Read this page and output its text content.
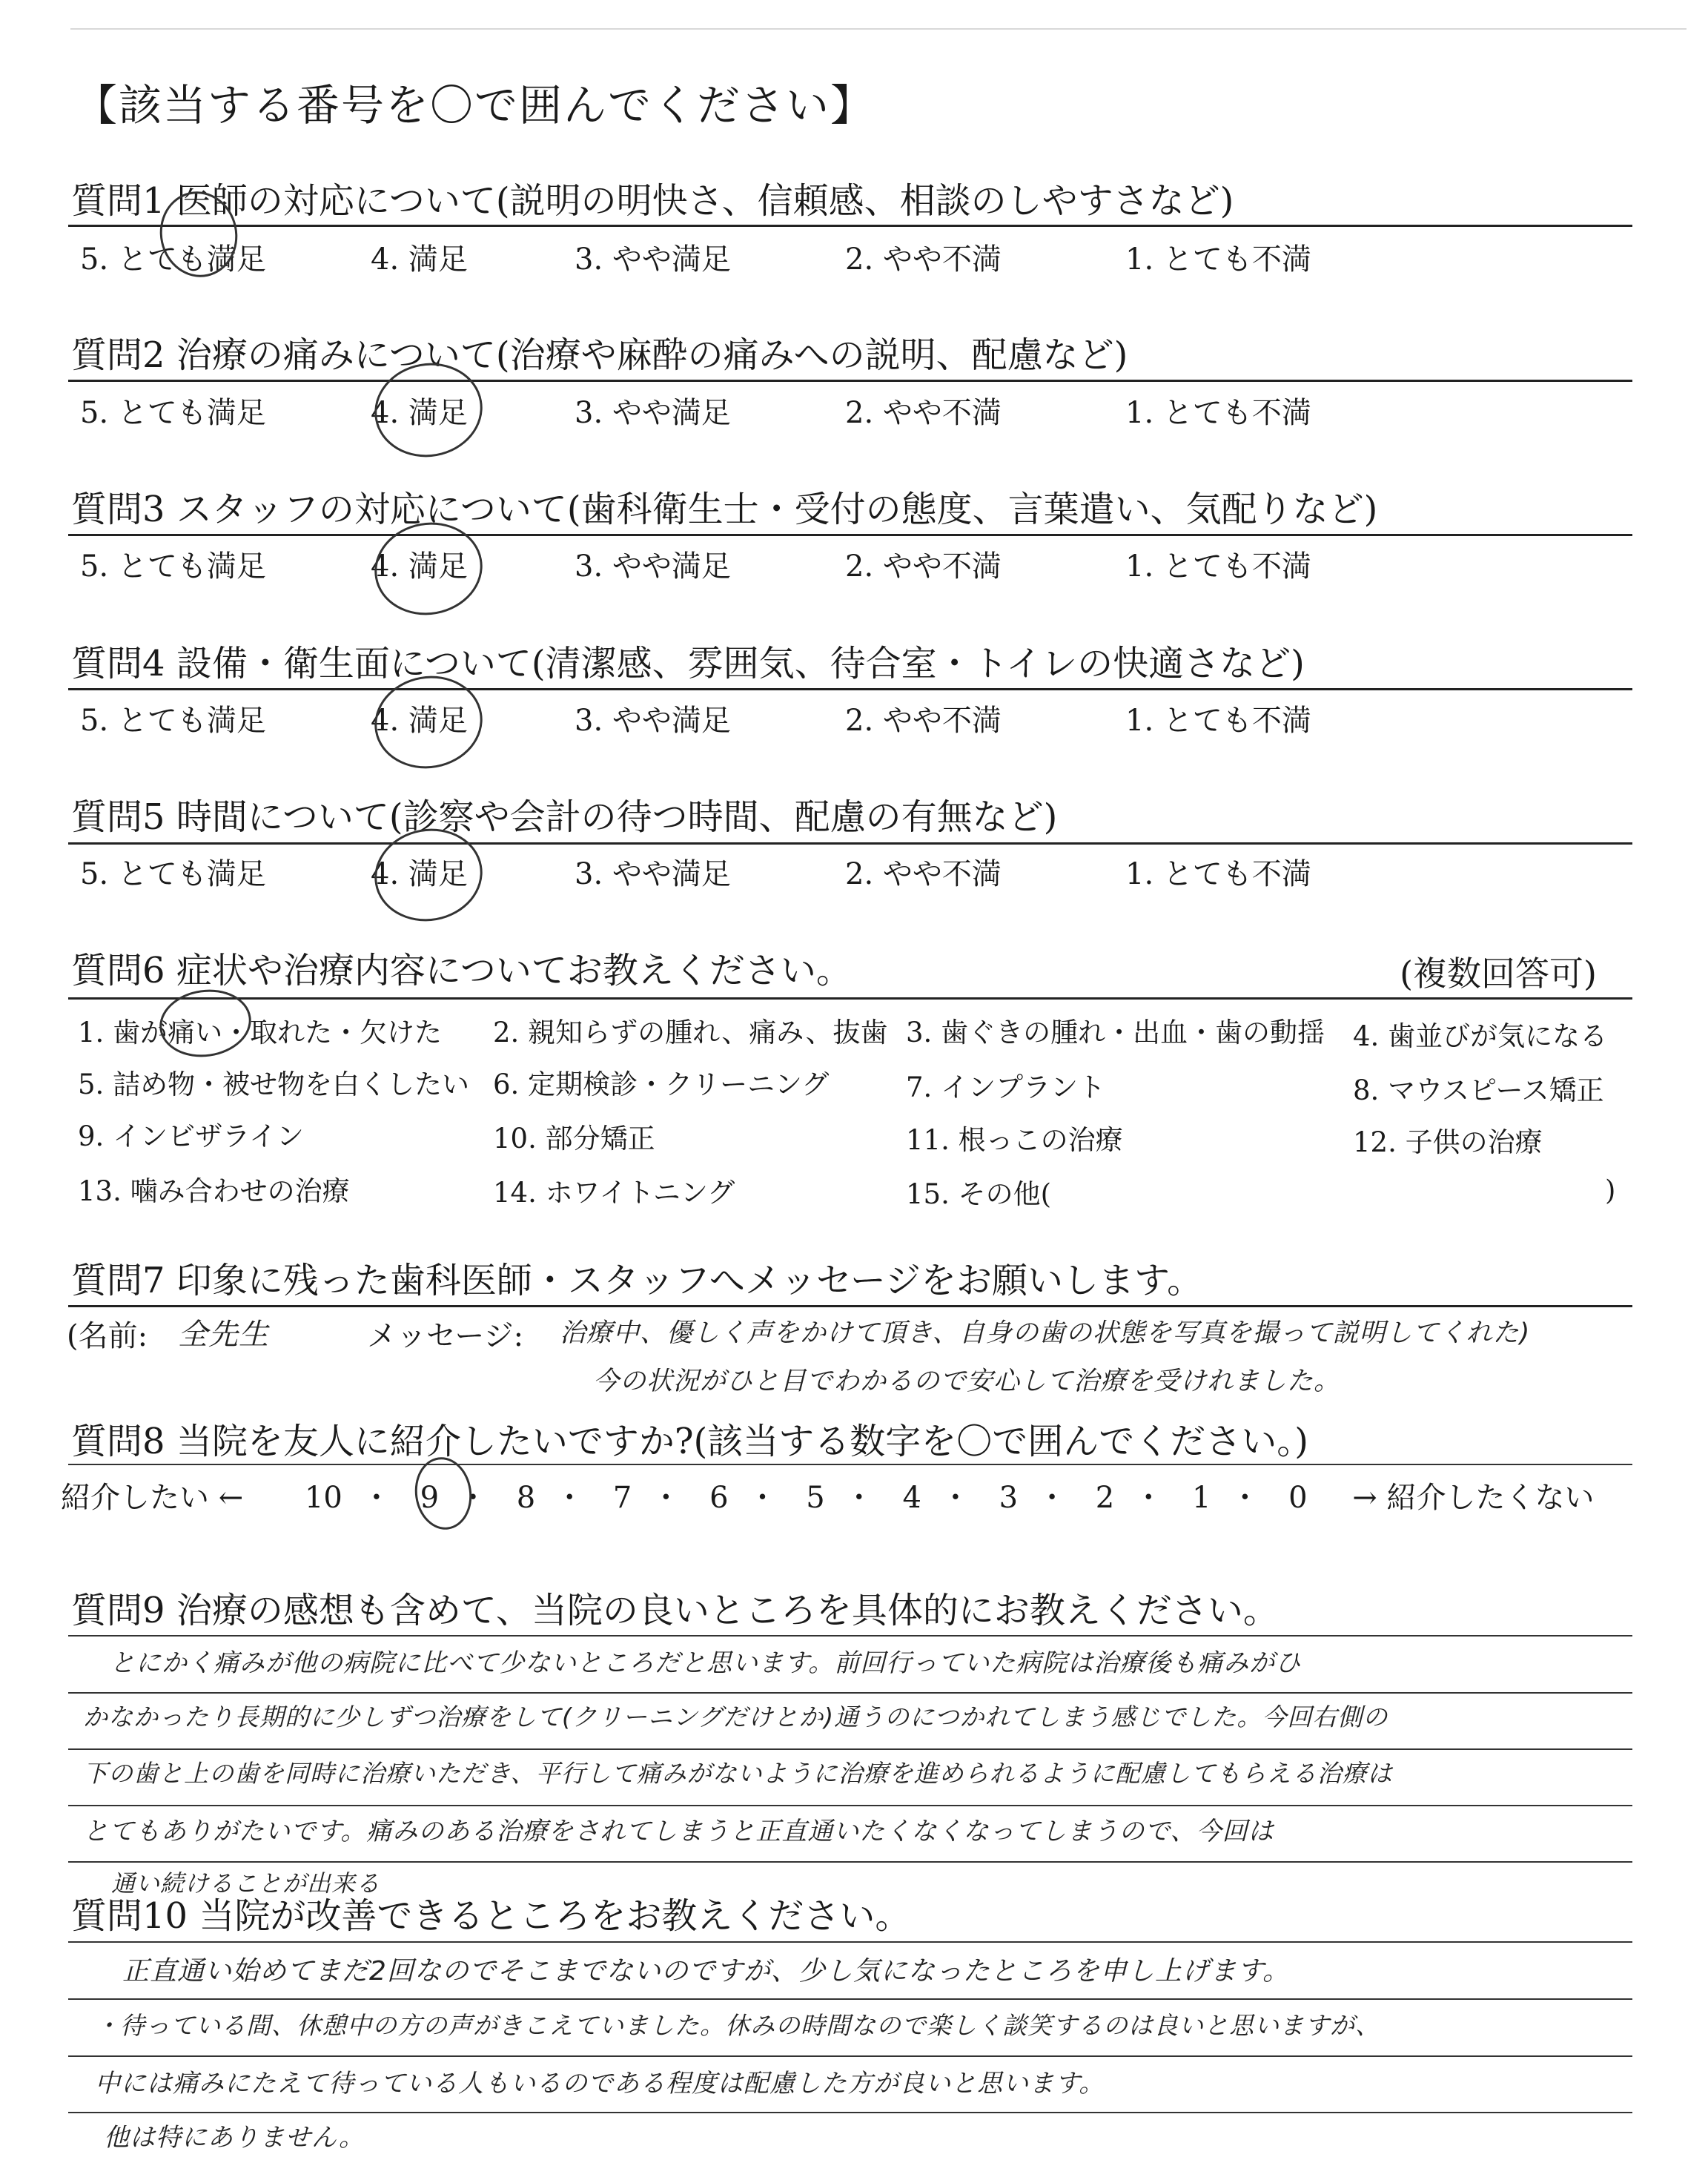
【該当する番号を〇で囲んでください】
質問1 医師の対応について(説明の明快さ、信頼感、相談のしやすさなど)
5. とても満足	4. 満足	3. やや満足	2. やや不満	1. とても不満
質問2 治療の痛みについて(治療や麻酔の痛みへの説明、配慮など)
5. とても満足	4. 満足	3. やや満足	2. やや不満	1. とても不満
質問3 スタッフの対応について(歯科衛生士・受付の態度、言葉遣い、気配りなど)
5. とても満足	4. 満足	3. やや満足	2. やや不満	1. とても不満
質問4 設備・衛生面について(清潔感、雰囲気、待合室・トイレの快適さなど)
5. とても満足	4. 満足	3. やや満足	2. やや不満	1. とても不満
質問5 時間について(診察や会計の待つ時間、配慮の有無など)
5. とても満足	4. 満足	3. やや満足	2. やや不満	1. とても不満
質問6 症状や治療内容についてお教えください。	(複数回答可)
1. 歯が痛い・取れた・欠けた 2. 親知らずの腫れ、痛み、抜歯 3. 歯ぐきの腫れ・出血・歯の動揺 4. 歯並びが気になる
5. 詰め物・被せ物を白くしたい 6. 定期検診・クリーニング	7. インプラント	8. マウスピース矯正
9. インビザライン	10. 部分矯正	11. 根っこの治療	12. 子供の治療
13. 噛み合わせの治療	14. ホワイトニング	15. その他(	)
質問7 印象に残った歯科医師・スタッフへメッセージをお願いします。
(名前: 全先生	メッセージ: 治療中、優しく声をかけて頂き、自身の歯の状態を写真を撮って説明してくれた)
今の状況がひと目でわかるので安心して治療を受けれました。
質問8 当院を友人に紹介したいですか?(該当する数字を〇で囲んでください。)
紹介したい ← 10 ・ 9 ・ 8 ・ 7 ・ 6 ・ 5 ・ 4 ・ 3 ・ 2 ・ 1 ・ 0 → 紹介したくない
質問9 治療の感想も含めて、当院の良いところを具体的にお教えください。
とにかく痛みが他の病院に比べて少ないところだと思います。前回行っていた病院は治療後も痛みがひ
かなかったり長期的に少しずつ治療をして(クリーニングだけとか)通うのにつかれてしまう感じでした。今回右側の
下の歯と上の歯を同時に治療いただき、平行して痛みがないように治療を進められるように配慮してもらえる治療は
とてもありがたいです。痛みのある治療をされてしまうと正直通いたくなくなってしまうので、今回は
通い続けることが出来る
質問10 当院が改善できるところをお教えください。
正直通い始めてまだ2回なのでそこまでないのですが、少し気になったところを申し上げます。
・待っている間、休憩中の方の声がきこえていました。休みの時間なので楽しく談笑するのは良いと思いますが、
中には痛みにたえて待っている人もいるのである程度は配慮した方が良いと思います。
他は特にありません。
